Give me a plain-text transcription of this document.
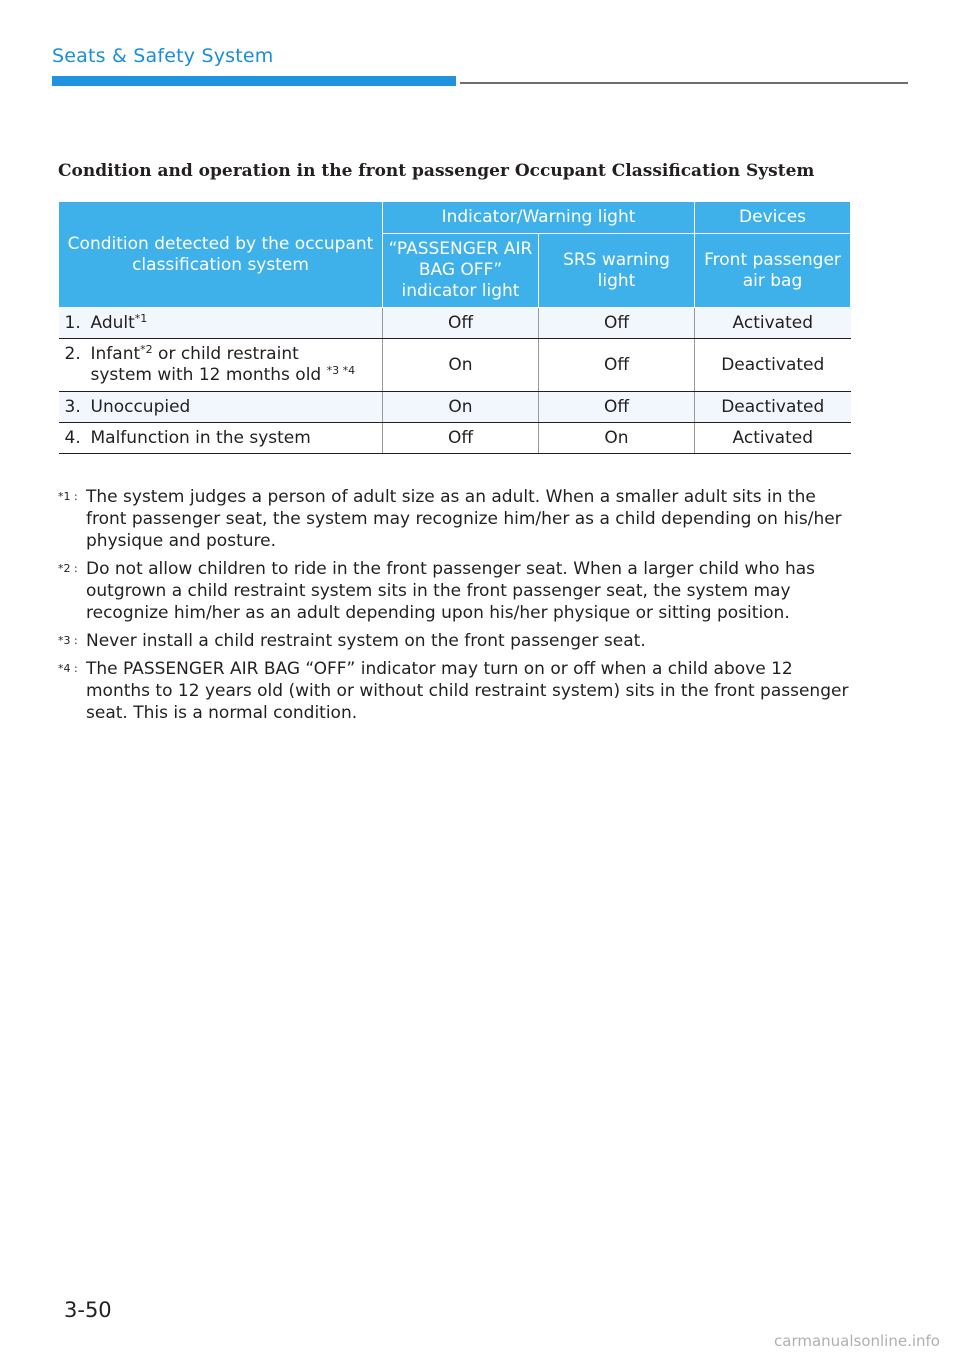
Seats & Safety System
Condition and operation in the front passenger Occupant Classification System
Condition detected by the occupant classification system	Indicator/Warning light		Devices
	“PASSENGER AIR BAG OFF” indicator light	SRS warning light	Front passenger air bag
1. Adult$^{*1}$	Off	Off	Activated

2. Infant$^{*2}$ or child restraint
system with 12 months old $^{*3 *4}$	On	Off	Deactivated
3. Unoccupied	On	Off	Deactivated
4. Malfunction in the system	Off	On	Activated
*1 : The system judges a person of adult size as an adult. When a smaller adult sits in the front passenger seat, the system may recognize him/her as a child depending on his/her physique and posture.
*2 : Do not allow children to ride in the front passenger seat. When a larger child who has outgrown a child restraint system sits in the front passenger seat, the system may recognize him/her as an adult depending upon his/her physique or sitting position.
*3 : Never install a child restraint system on the front passenger seat.
*4 : The PASSENGER AIR BAG “OFF” indicator may turn on or off when a child above 12 months to 12 years old (with or without child restraint system) sits in the front passenger seat. This is a normal condition.
3-50
carmanualsonline.info
